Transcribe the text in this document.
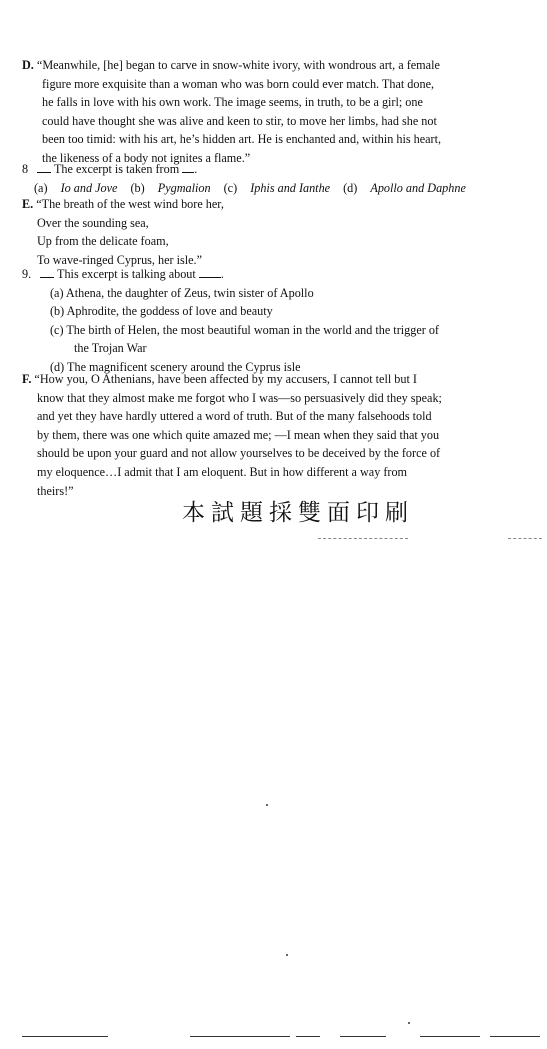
D. “Meanwhile, [he] began to carve in snow-white ivory, with wondrous art, a female
figure more exquisite than a woman who was born could ever match. That done,
he falls in love with his own work. The image seems, in truth, to be a girl; one
could have thought she was alive and keen to stir, to move her limbs, had she not
been too timid: with his art, he’s hidden art. He is enchanted and, within his heart,
the likeness of a body not ignites a flame.”
8 The excerpt is taken from .
(a) Io and Jove (b) Pygmalion (c) Iphis and Ianthe (d) Apollo and Daphne
E. “The breath of the west wind bore her,
Over the sounding sea,
Up from the delicate foam,
To wave-ringed Cyprus, her isle.”
9. This excerpt is talking about .
(a) Athena, the daughter of Zeus, twin sister of Apollo
(b) Aphrodite, the goddess of love and beauty
(c) The birth of Helen, the most beautiful woman in the world and the trigger of
the Trojan War
(d) The magnificent scenery around the Cyprus isle
F. “How you, O Athenians, have been affected by my accusers, I cannot tell but I
know that they almost make me forgot who I was—so persuasively did they speak;
and yet they have hardly uttered a word of truth. But of the many falsehoods told
by them, there was one which quite amazed me; —I mean when they said that you
should be upon your guard and not allow yourselves to be deceived by the force of
my eloquence…I admit that I am eloquent. But in how different a way from
theirs!”
本試題採雙面印刷
